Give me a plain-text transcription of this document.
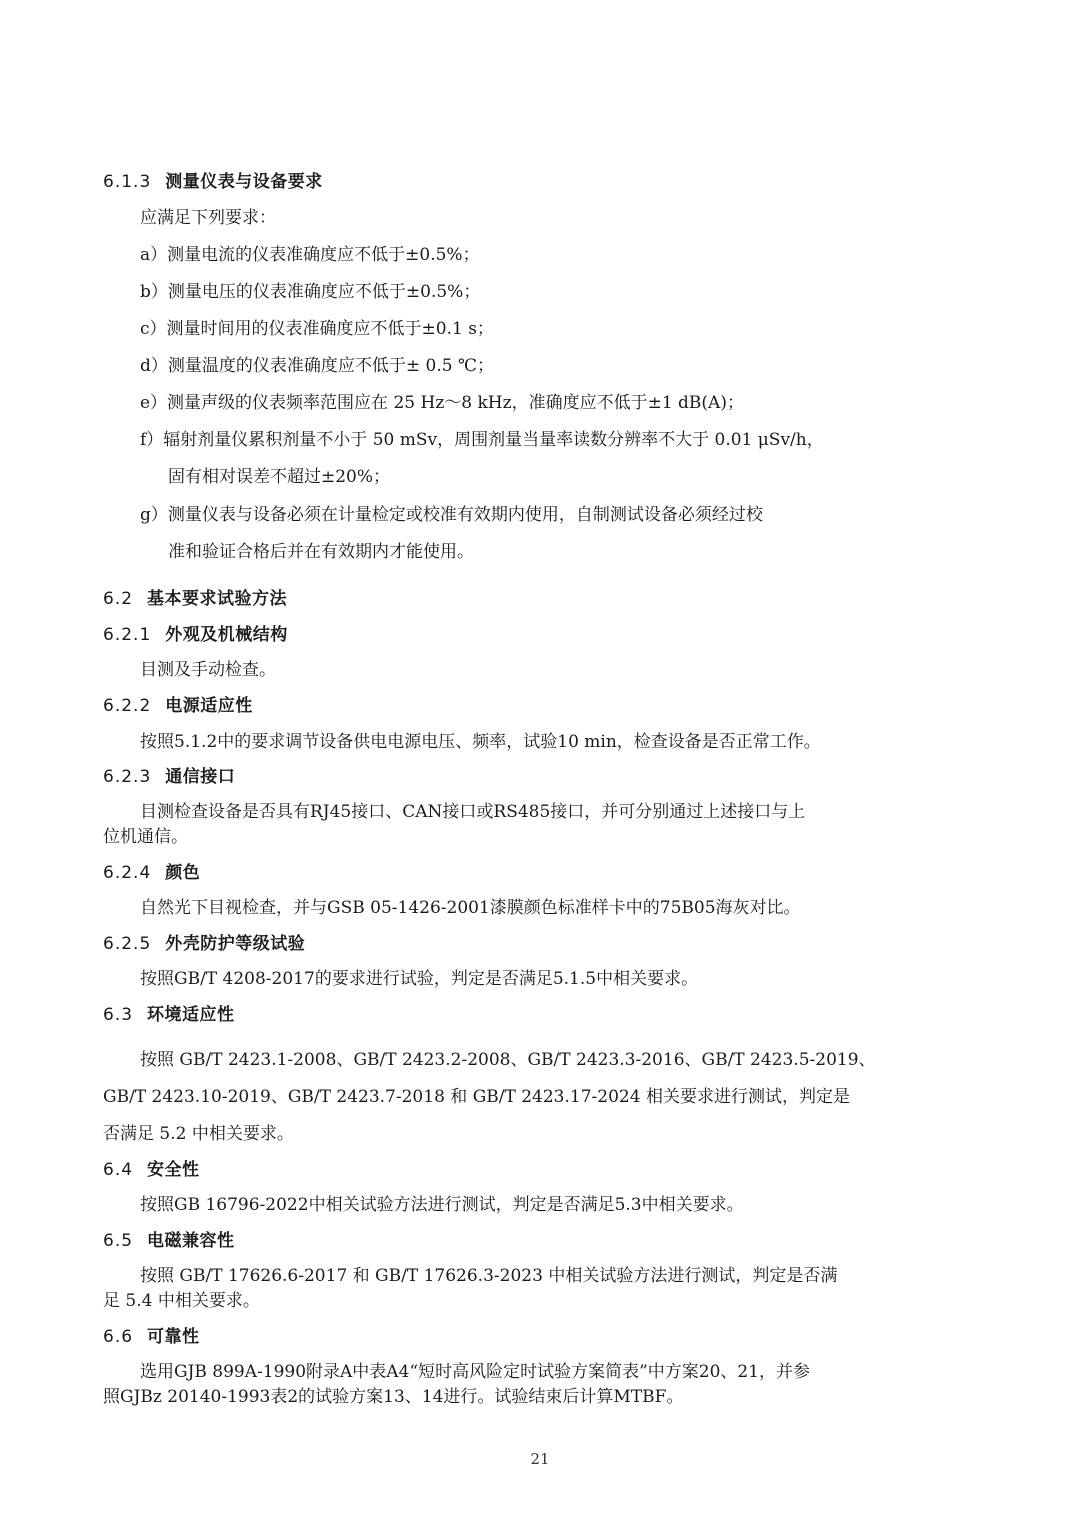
6.1.3 测量仪表与设备要求
应满足下列要求：
a）测量电流的仪表准确度应不低于±0.5%；
b）测量电压的仪表准确度应不低于±0.5%；
c）测量时间用的仪表准确度应不低于±0.1 s；
d）测量温度的仪表准确度应不低于± 0.5 ℃；
e）测量声级的仪表频率范围应在 25 Hz～8 kHz，准确度应不低于±1 dB(A)；
f）辐射剂量仪累积剂量不小于 50 mSv，周围剂量当量率读数分辨率不大于 0.01 μSv/h，
固有相对误差不超过±20%；
g）测量仪表与设备必须在计量检定或校准有效期内使用，自制测试设备必须经过校
准和验证合格后并在有效期内才能使用。
6.2 基本要求试验方法
6.2.1 外观及机械结构
目测及手动检查。
6.2.2 电源适应性
按照5.1.2中的要求调节设备供电电源电压、频率，试验10 min，检查设备是否正常工作。
6.2.3 通信接口
目测检查设备是否具有RJ45接口、CAN接口或RS485接口，并可分别通过上述接口与上
位机通信。
6.2.4 颜色
自然光下目视检查，并与GSB 05-1426-2001漆膜颜色标准样卡中的75B05海灰对比。
6.2.5 外壳防护等级试验
按照GB/T 4208-2017的要求进行试验，判定是否满足5.1.5中相关要求。
6.3 环境适应性
按照 GB/T 2423.1-2008、GB/T 2423.2-2008、GB/T 2423.3-2016、GB/T 2423.5-2019、
GB/T 2423.10-2019、GB/T 2423.7-2018 和 GB/T 2423.17-2024 相关要求进行测试，判定是
否满足 5.2 中相关要求。
6.4 安全性
按照GB 16796-2022中相关试验方法进行测试，判定是否满足5.3中相关要求。
6.5 电磁兼容性
按照 GB/T 17626.6-2017 和 GB/T 17626.3-2023 中相关试验方法进行测试，判定是否满
足 5.4 中相关要求。
6.6 可靠性
选用GJB 899A-1990附录A中表A4“短时高风险定时试验方案简表”中方案20、21，并参
照GJBz 20140-1993表2的试验方案13、14进行。试验结束后计算MTBF。
21
